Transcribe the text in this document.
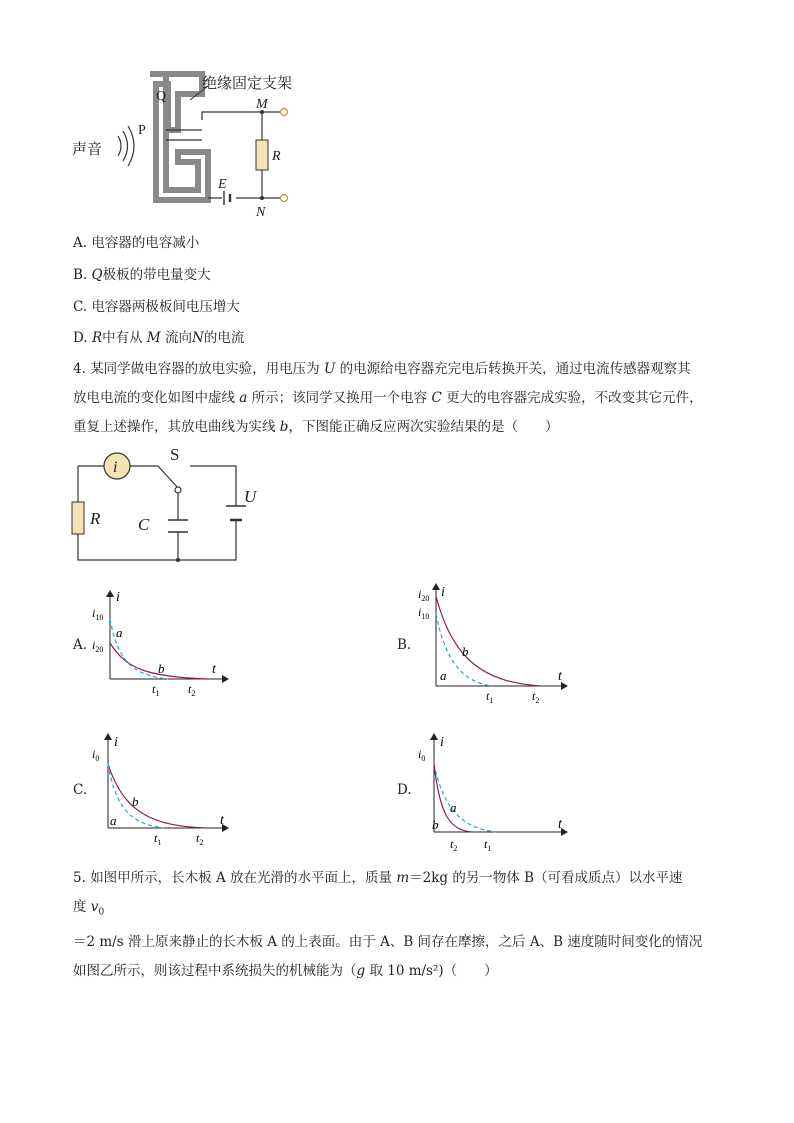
绝缘固定支架
声音
Q
P
M
N
R
E
A. 电容器的电容减小
B. Q极板的带电量变大
C. 电容器两极板间电压增大
D. R中有从 M 流向N的电流
4. 某同学做电容器的放电实验，用电压为 U 的电源给电容器充完电后转换开关，通过电流传感器观察其
放电电流的变化如图中虚线 a 所示；该同学又换用一个电容 C 更大的电容器完成实验，不改变其它元件，
重复上述操作，其放电曲线为实线 b，下图能正确反应两次实验结果的是（　　）
i
S
C
R
U
A.
i
t
$i_{10}$
$i_{20}$
a
b
$t_1$ $t_2$
B.
i
t
$i_{20}$
$i_{10}$
a
b
$t_1$	$t_2$
C.
i
t
$i_0$
a
b
$t_1$	$t_2$
D.
i
t
$i_0$
a
b
$t_2$ $t_1$
5. 如图甲所示，长木板 A 放在光滑的水平面上，质量 m＝2kg 的另一物体 B（可看成质点）以水平速度 $v_0$
＝2 m/s 滑上原来静止的长木板 A 的上表面。由于 A、B 间存在摩擦，之后 A、B 速度随时间变化的情况
如图乙所示，则该过程中系统损失的机械能为（g 取 10 m/s²)（　　）
